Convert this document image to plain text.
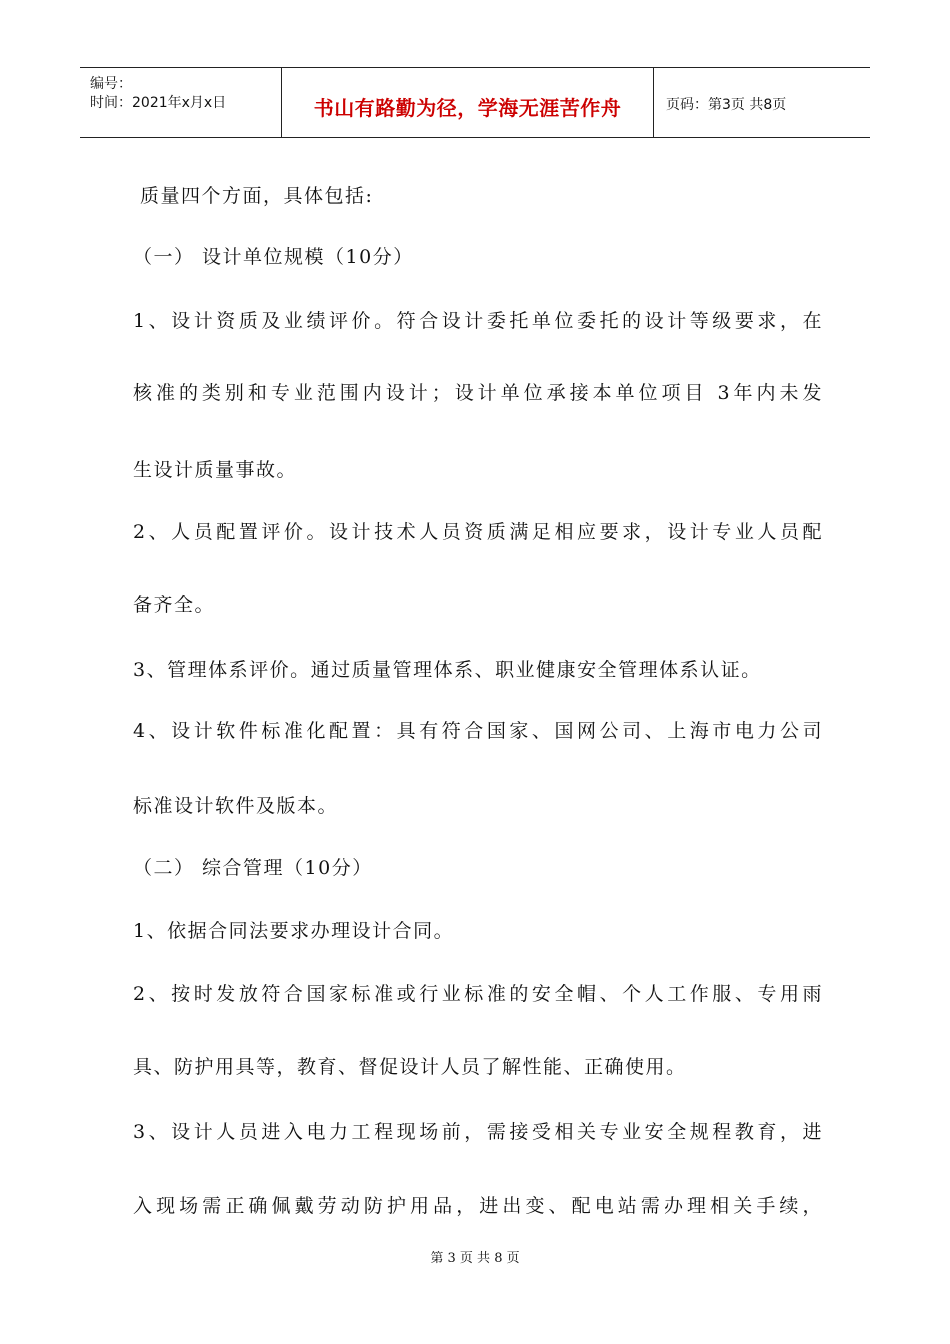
编号：
时间：2021年x月x日	书山有路勤为径，学海无涯苦作舟	页码：第3页 共8页
质量四个方面，具体包括:
（一） 设计单位规模（10分）
1、设计资质及业绩评价。符合设计委托单位委托的设计等级要求，在
核准的类别和专业范围内设计；设计单位承接本单位项目 3年内未发
生设计质量事故。
2、人员配置评价。设计技术人员资质满足相应要求，设计专业人员配
备齐全。
3、管理体系评价。通过质量管理体系、职业健康安全管理体系认证。
4、设计软件标准化配置：具有符合国家、国网公司、上海市电力公司
标准设计软件及版本。
（二） 综合管理（10分）
1、依据合同法要求办理设计合同。
2、按时发放符合国家标准或行业标准的安全帽、个人工作服、专用雨
具、防护用具等，教育、督促设计人员了解性能、正确使用。
3、设计人员进入电力工程现场前，需接受相关专业安全规程教育，进
入现场需正确佩戴劳动防护用品，进出变、配电站需办理相关手续，
第 3 页 共 8 页
